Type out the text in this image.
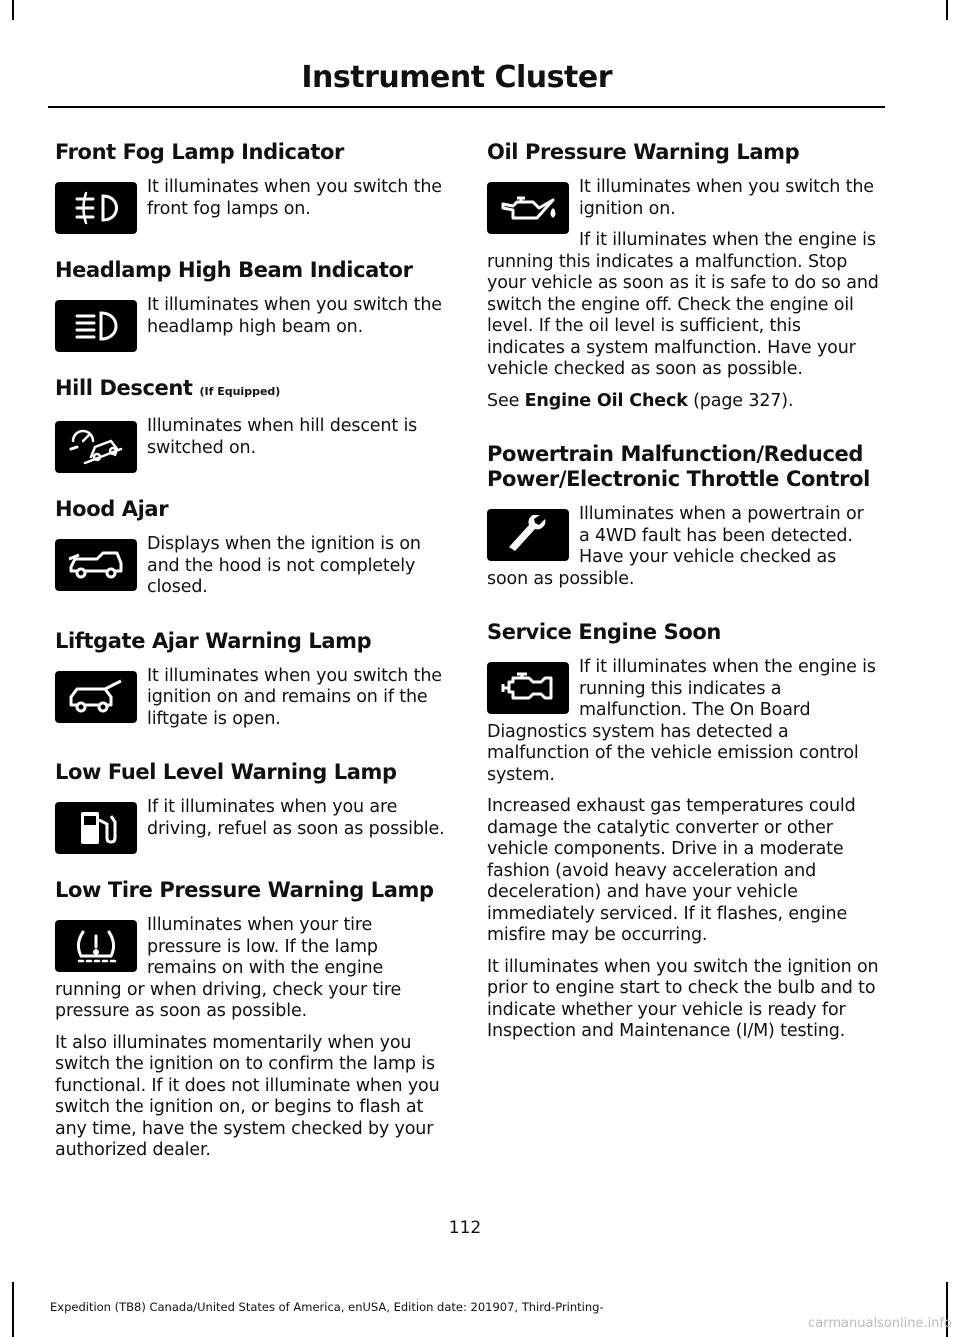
Instrument Cluster
Front Fog Lamp Indicator

It illuminates when you switch the front fog lamps on.

Headlamp High Beam Indicator

It illuminates when you switch the headlamp high beam on.

Hill Descent (If Equipped)

Illuminates when hill descent is switched on.

Hood Ajar

Displays when the ignition is on and the hood is not completely closed.

Liftgate Ajar Warning Lamp

It illuminates when you switch the ignition on and remains on if the liftgate is open.

Low Fuel Level Warning Lamp

If it illuminates when you are driving, refuel as soon as possible.

Low Tire Pressure Warning Lamp

Illuminates when your tire pressure is low. If the lamp remains on with the engine running or when driving, check your tire pressure as soon as possible.

It also illuminates momentarily when you switch the ignition on to confirm the lamp is functional. If it does not illuminate when you switch the ignition on, or begins to flash at any time, have the system checked by your authorized dealer.

Oil Pressure Warning Lamp

It illuminates when you switch the ignition on.

If it illuminates when the engine is running this indicates a malfunction. Stop your vehicle as soon as it is safe to do so and switch the engine off. Check the engine oil level. If the oil level is sufficient, this indicates a system malfunction. Have your vehicle checked as soon as possible.

See Engine Oil Check (page 327).

Powertrain Malfunction/Reduced Power/Electronic Throttle Control

Illuminates when a powertrain or a 4WD fault has been detected. Have your vehicle checked as soon as possible.

Service Engine Soon

If it illuminates when the engine is running this indicates a malfunction. The On Board Diagnostics system has detected a malfunction of the vehicle emission control system.

Increased exhaust gas temperatures could damage the catalytic converter or other vehicle components. Drive in a moderate fashion (avoid heavy acceleration and deceleration) and have your vehicle immediately serviced. If it flashes, engine misfire may be occurring.

It illuminates when you switch the ignition on prior to engine start to check the bulb and to indicate whether your vehicle is ready for Inspection and Maintenance (I/M) testing.

112
Expedition (TB8) Canada/United States of America, enUSA, Edition date: 201907, Third-Printing-
carmanualsonline.info
